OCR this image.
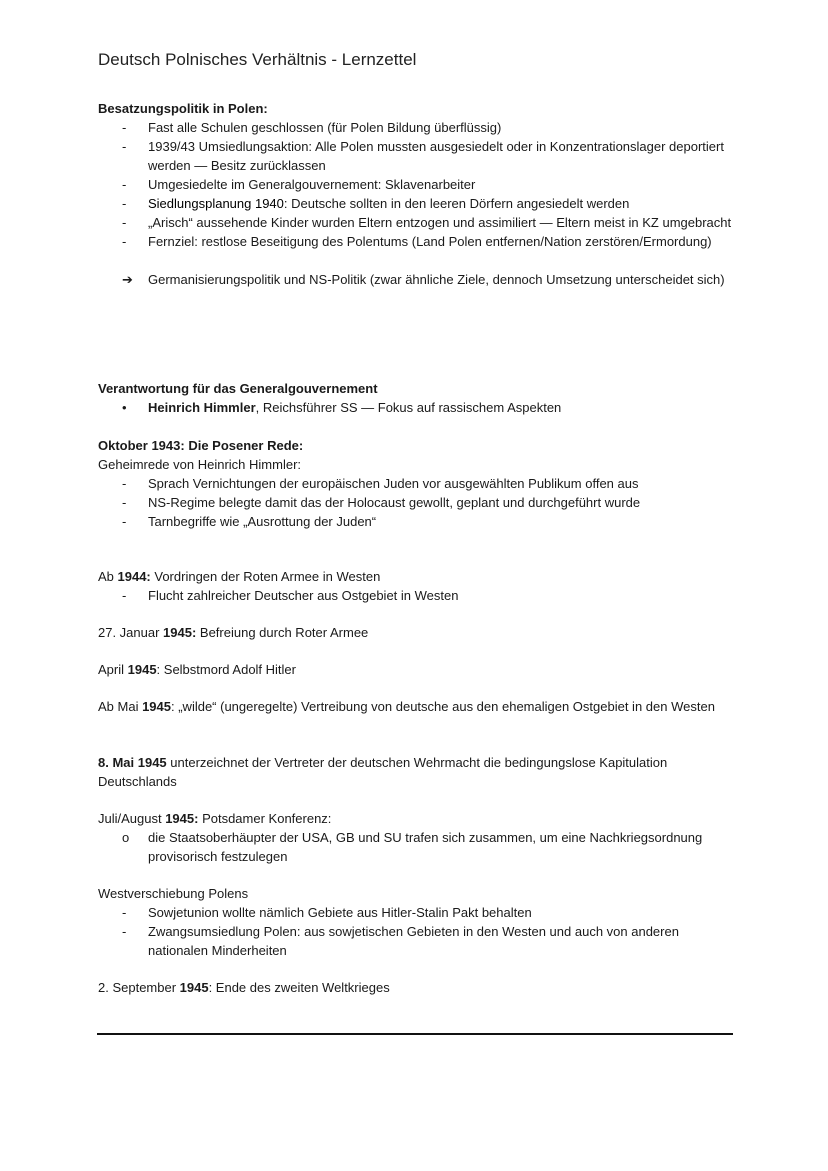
Deutsch Polnisches Verhältnis - Lernzettel
Besatzungspolitik in Polen:
-	Fast alle Schulen geschlossen (für Polen Bildung überflüssig)
-	1939/43 Umsiedlungsaktion: Alle Polen mussten ausgesiedelt oder in Konzentrationslager deportiert werden — Besitz zurücklassen
-	Umgesiedelte im Generalgouvernement: Sklavenarbeiter
-	Siedlungsplanung 1940: Deutsche sollten in den leeren Dörfern angesiedelt werden
-	„Arisch“ aussehende Kinder wurden Eltern entzogen und assimiliert — Eltern meist in KZ umgebracht
-	Fernziel: restlose Beseitigung des Polentums (Land Polen entfernen/Nation zerstören/Ermordung)
➔ Germanisierungspolitik und NS-Politik (zwar ähnliche Ziele, dennoch Umsetzung unterscheidet sich)
Verantwortung für das Generalgouvernement
•	Heinrich Himmler, Reichsführer SS — Fokus auf rassischem Aspekten
Oktober 1943: Die Posener Rede:
Geheimrede von Heinrich Himmler:
-	Sprach Vernichtungen der europäischen Juden vor ausgewählten Publikum offen aus
-	NS-Regime belegte damit das der Holocaust gewollt, geplant und durchgeführt wurde
-	Tarnbegriffe wie „Ausrottung der Juden“
Ab 1944: Vordringen der Roten Armee in Westen
-	Flucht zahlreicher Deutscher aus Ostgebiet in Westen
27. Januar 1945: Befreiung durch Roter Armee
April 1945: Selbstmord Adolf Hitler
Ab Mai 1945: „wilde“ (ungeregelte) Vertreibung von deutsche aus den ehemaligen Ostgebiet in den Westen
8. Mai 1945 unterzeichnet der Vertreter der deutschen Wehrmacht die bedingungslose Kapitulation Deutschlands
Juli/August 1945: Potsdamer Konferenz:
o	die Staatsoberhäupter der USA, GB und SU trafen sich zusammen, um eine Nachkriegsordnung provisorisch festzulegen
Westverschiebung Polens
-	Sowjetunion wollte nämlich Gebiete aus Hitler-Stalin Pakt behalten
-	Zwangsumsiedlung Polen: aus sowjetischen Gebieten in den Westen und auch von anderen nationalen Minderheiten
2. September 1945: Ende des zweiten Weltkrieges
